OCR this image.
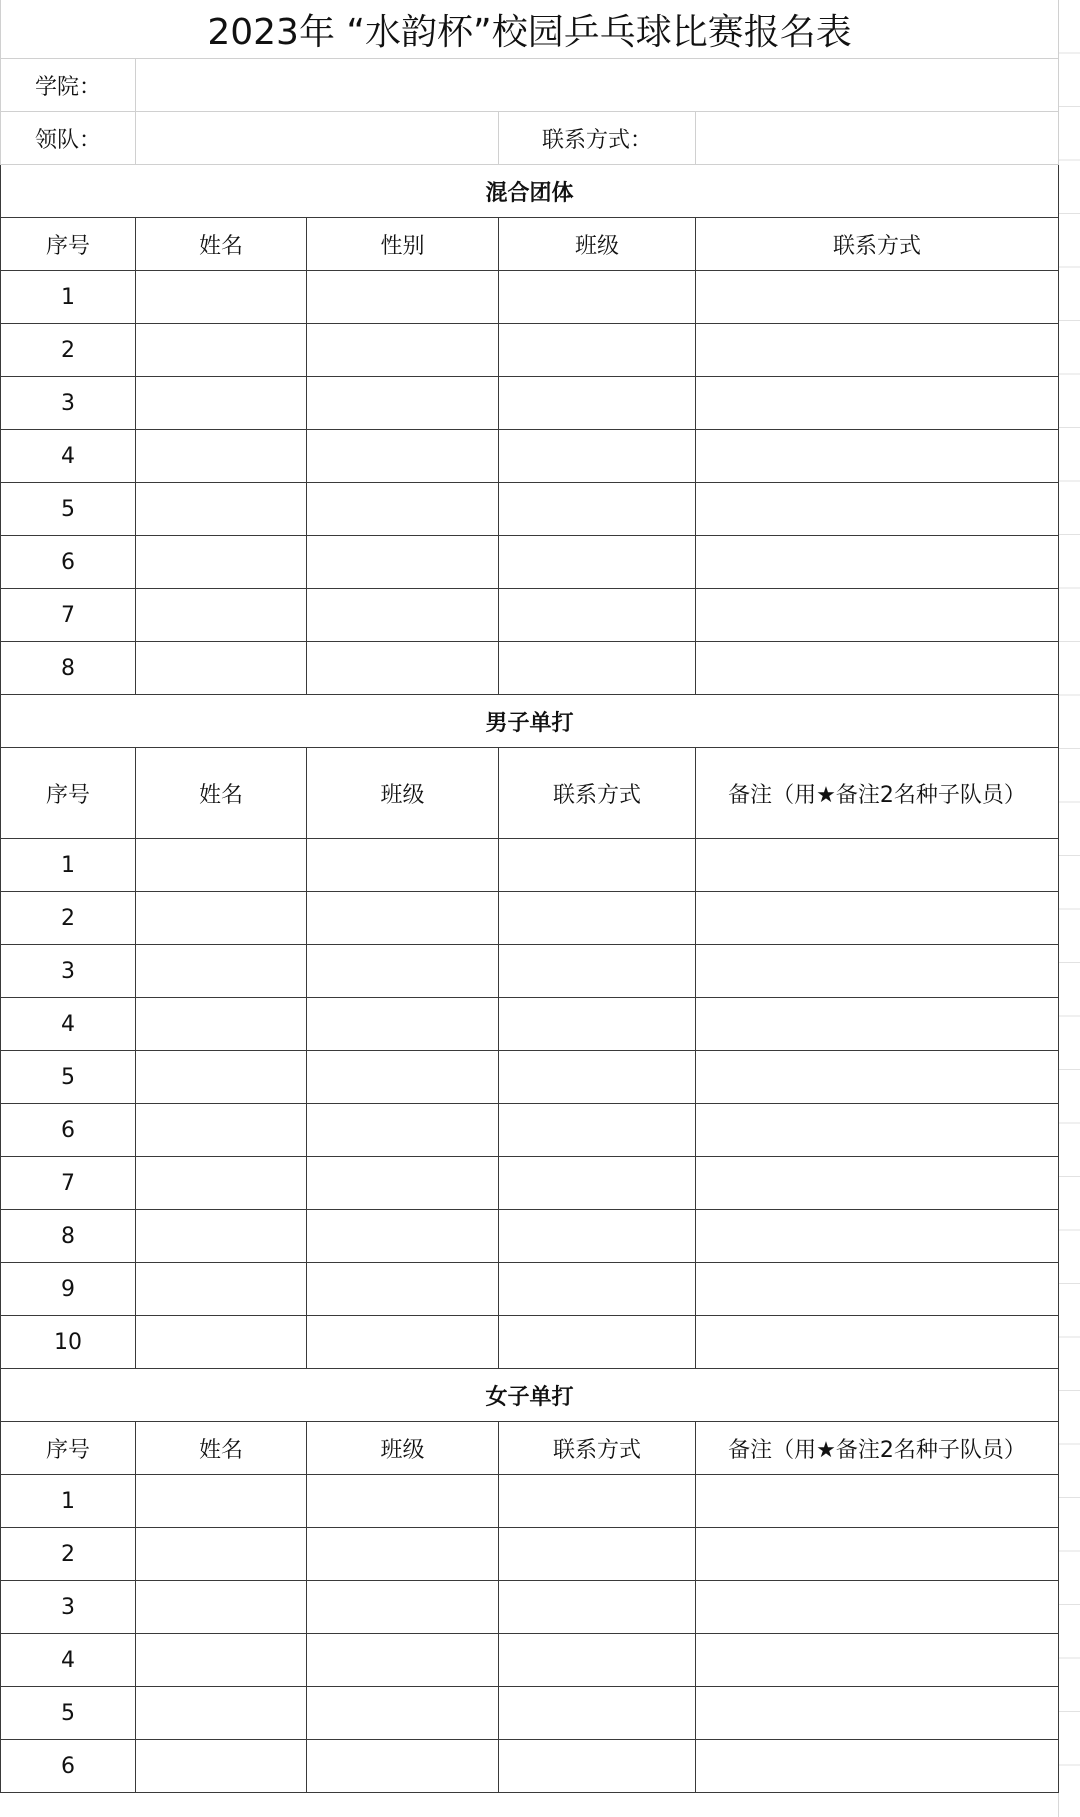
2023年 “水韵杯”校园乒乓球比赛报名表				
学院：				
领队：			联系方式：	
混合团体				
序号	姓名	性别	班级	联系方式
1				
2				
3				
4				
5				
6				
7				
8				
男子单打				
序号	姓名	班级	联系方式	备注（用★备注2名种子队员）
1				
2				
3				
4				
5				
6				
7				
8				
9				
10				
女子单打				
序号	姓名	班级	联系方式	备注（用★备注2名种子队员）
1				
2				
3				
4				
5				
6				
